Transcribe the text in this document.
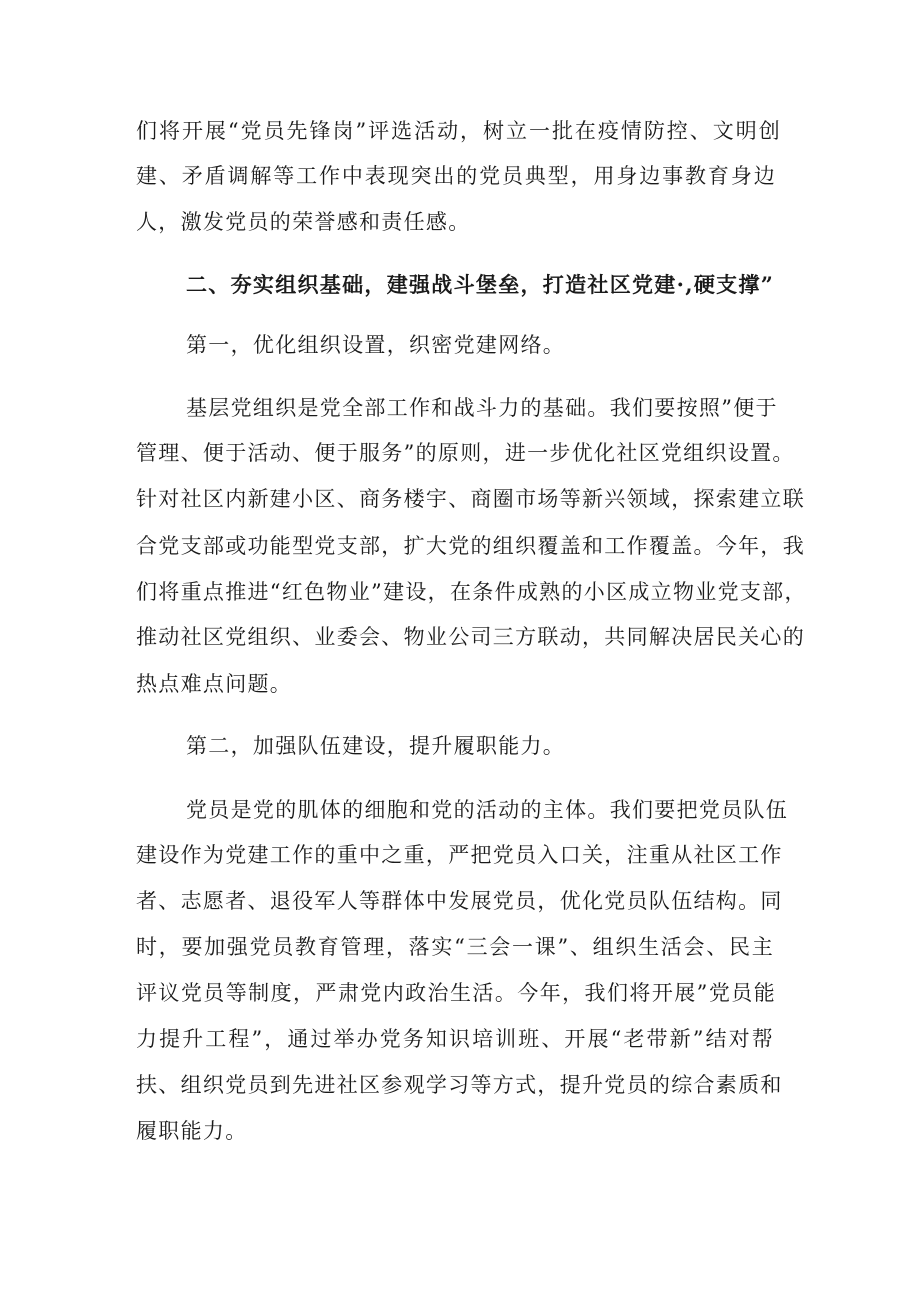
们将开展“党员先锋岗”评选活动，树立一批在疫情防控、文明创
建、矛盾调解等工作中表现突出的党员典型，用身边事教育身边
人，激发党员的荣誉感和责任感。
二、夯实组织基础，建强战斗堡垒，打造社区党建·,硬支撑”
第一，优化组织设置，织密党建网络。
基层党组织是党全部工作和战斗力的基础。我们要按照”便于
管理、便于活动、便于服务”的原则，进一步优化社区党组织设置。
针对社区内新建小区、商务楼宇、商圈市场等新兴领域，探索建立联
合党支部或功能型党支部，扩大党的组织覆盖和工作覆盖。今年，我
们将重点推进“红色物业”建设，在条件成熟的小区成立物业党支部，
推动社区党组织、业委会、物业公司三方联动，共同解决居民关心的
热点难点问题。
第二，加强队伍建设，提升履职能力。
党员是党的肌体的细胞和党的活动的主体。我们要把党员队伍
建设作为党建工作的重中之重，严把党员入口关，注重从社区工作
者、志愿者、退役军人等群体中发展党员，优化党员队伍结构。同
时，要加强党员教育管理，落实“三会一课”、组织生活会、民主
评议党员等制度，严肃党内政治生活。今年，我们将开展”党员能
力提升工程”，通过举办党务知识培训班、开展“老带新”结对帮
扶、组织党员到先进社区参观学习等方式，提升党员的综合素质和
履职能力。
